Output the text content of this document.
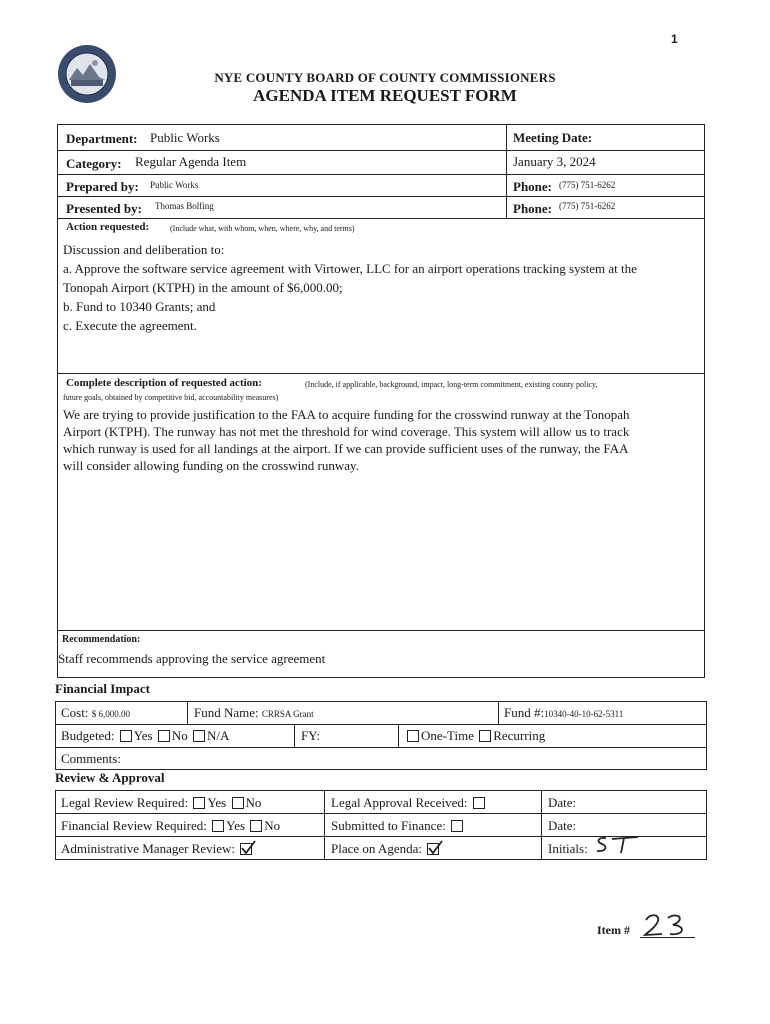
1
NYE COUNTY BOARD OF COUNTY COMMISSIONERS
AGENDA ITEM REQUEST FORM
Department: Public Works	Meeting Date:
Category: Regular Agenda Item	January 3, 2024
Prepared by: Public Works	Phone: (775) 751-6262
Presented by: Thomas Bolfing	Phone: (775) 751-6262
Action requested:	(Include what, with whom, when, where, why, and terms)
Discussion and deliberation to:
a. Approve the software service agreement with Virtower, LLC for an airport operations tracking system at the
Tonopah Airport (KTPH) in the amount of $6,000.00;
b. Fund to 10340 Grants; and
c. Execute the agreement.
Complete description of requested action:	(Include, if applicable, background, impact, long-term commitment, existing county policy,
future goals, obtained by competitive bid, accountability measures)
We are trying to provide justification to the FAA to acquire funding for the crosswind runway at the Tonopah
Airport (KTPH). The runway has not met the threshold for wind coverage. This system will allow us to track
which runway is used for all landings at the airport. If we can provide sufficient uses of the runway, the FAA
will consider allowing funding on the crosswind runway.
Recommendation:
Staff recommends approving the service agreement
Financial Impact
Cost: $ 6,000.00	Fund Name: CRRSA Grant	Fund #:10340-40-10-62-5311
Budgeted: Yes No N/A	FY:	One-Time Recurring
Comments:
Review & Approval
Legal Review Required: Yes No	Legal Approval Received:	Date:
Financial Review Required: Yes No	Submitted to Finance:	Date:
Administrative Manager Review:	Place on Agenda:	Initials:
Item #
